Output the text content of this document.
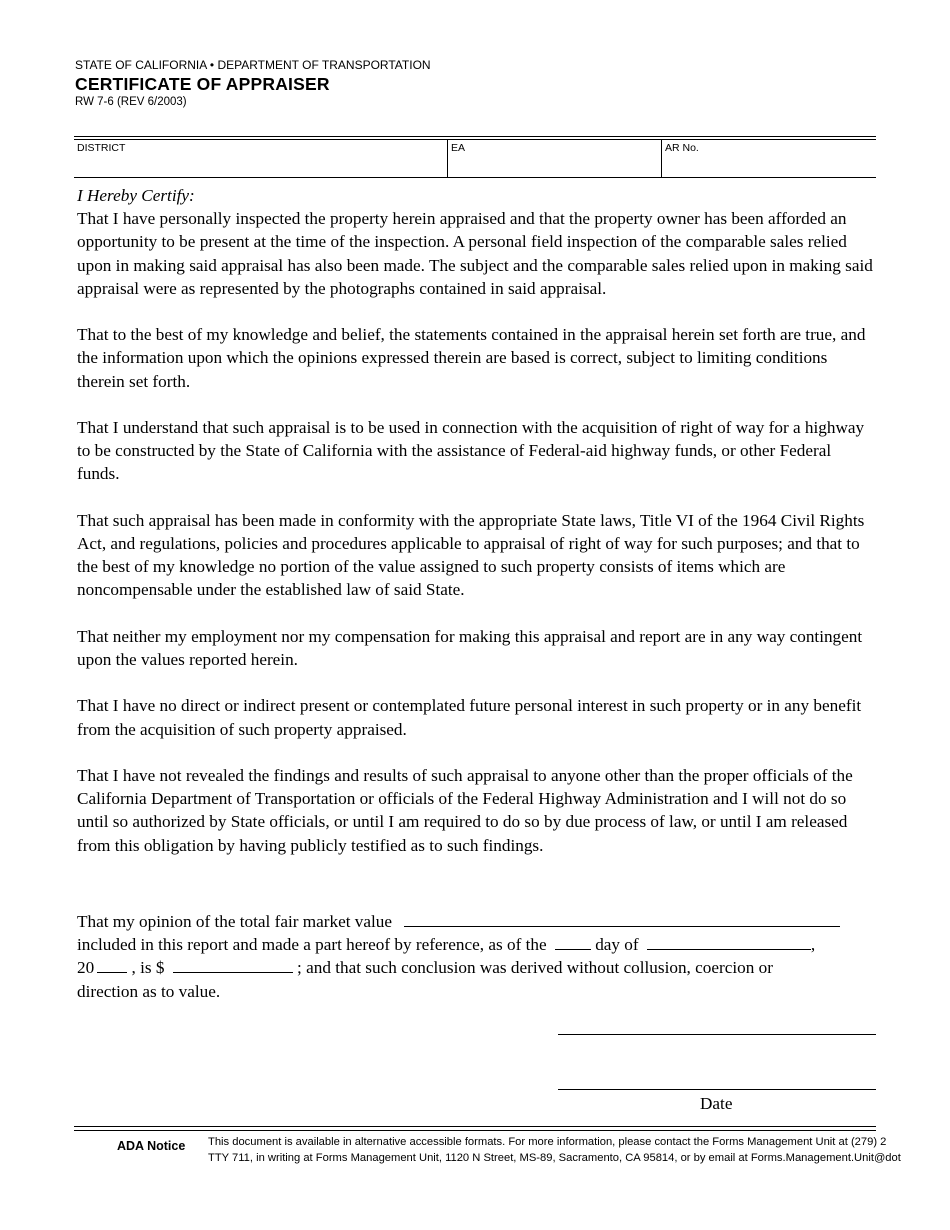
STATE OF CALIFORNIA • DEPARTMENT OF TRANSPORTATION
CERTIFICATE OF APPRAISER
RW 7-6 (REV 6/2003)
DISTRICT	EA	AR No.

I Hereby Certify:

That I have personally inspected the property herein appraised and that the property owner has been afforded an opportunity to be present at the time of the inspection. A personal field inspection of the comparable sales relied upon in making said appraisal has also been made. The subject and the comparable sales relied upon in making said appraisal were as represented by the photographs contained in said appraisal.

That to the best of my knowledge and belief, the statements contained in the appraisal herein set forth are true, and the information upon which the opinions expressed therein are based is correct, subject to limiting conditions therein set forth.

That I understand that such appraisal is to be used in connection with the acquisition of right of way for a highway to be constructed by the State of California with the assistance of Federal-aid highway funds, or other Federal funds.

That such appraisal has been made in conformity with the appropriate State laws, Title VI of the 1964 Civil Rights Act, and regulations, policies and procedures applicable to appraisal of right of way for such purposes; and that to the best of my knowledge no portion of the value assigned to such property consists of items which are noncompensable under the established law of said State.

That neither my employment nor my compensation for making this appraisal and report are in any way contingent upon the values reported herein.

That I have no direct or indirect present or contemplated future personal interest in such property or in any benefit from the acquisition of such property appraised.

That I have not revealed the findings and results of such appraisal to anyone other than the proper officials of the California Department of Transportation or officials of the Federal Highway Administration and I will not do so until so authorized by State officials, or until I am required to do so by due process of law, or until I am released from this obligation by having publicly testified as to such findings.

That my opinion of the total fair market value
included in this report and made a part hereof by reference, as of the	day of	,
20 , is $	; and that such conclusion was derived without collusion, coercion or
direction as to value.
Date
ADA Notice This document is available in alternative accessible formats. For more information, please contact the Forms Management Unit at (279) 2
TTY 711, in writing at Forms Management Unit, 1120 N Street, MS-89, Sacramento, CA 95814, or by email at Forms.Management.Unit@dot
